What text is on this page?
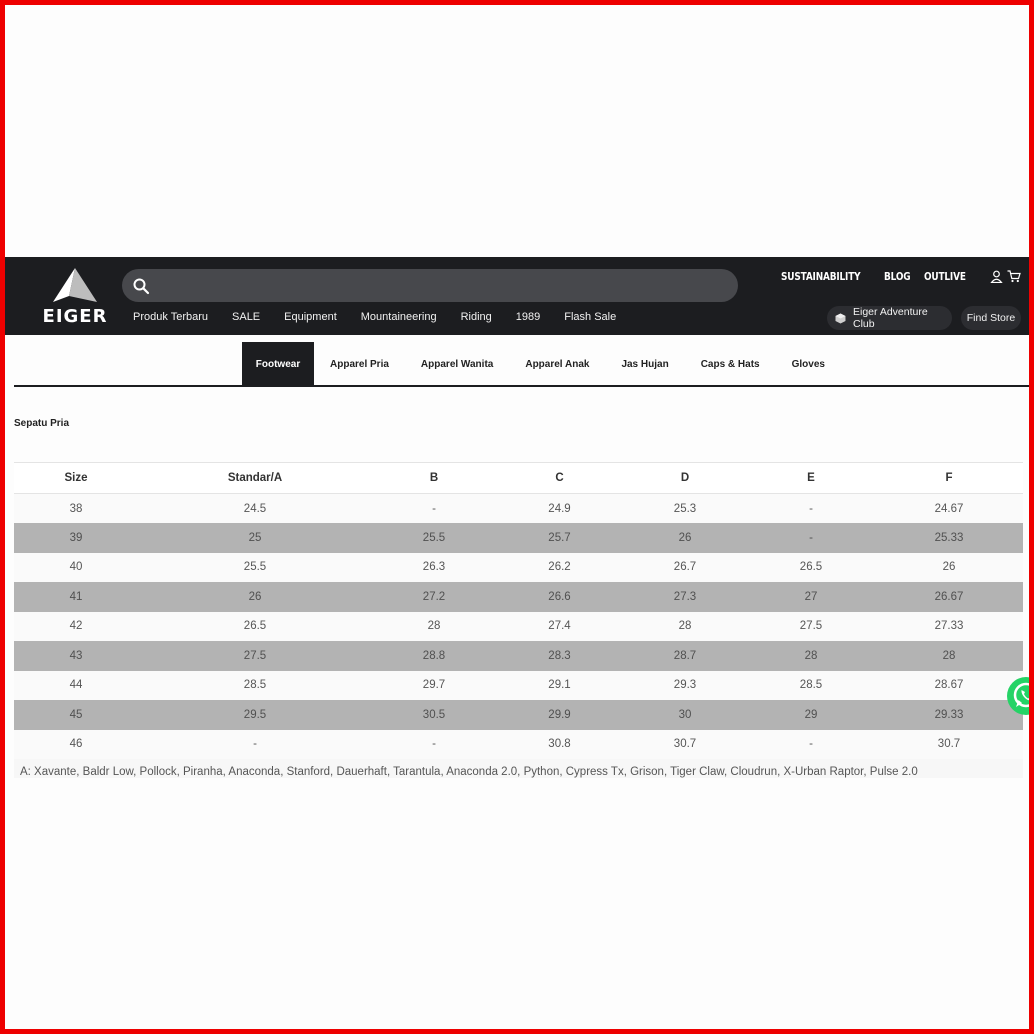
EIGER	Produk Terbaru SALE Equipment Mountaineering Riding 1989 Flash Sale
SUSTAINABILITY BLOG OUTLIVE
Eiger Adventure Club	Find Store
Footwear	Apparel Pria	Apparel Wanita	Apparel Anak	Jas Hujan	Caps & Hats	Gloves
Sepatu Pria
Size	Standar/A	B	C	D	E	F
38	24.5	-	24.9	25.3	-	24.67
39	25	25.5	25.7	26	-	25.33
40	25.5	26.3	26.2	26.7	26.5	26
41	26	27.2	26.6	27.3	27	26.67
42	26.5	28	27.4	28	27.5	27.33
43	27.5	28.8	28.3	28.7	28	28
44	28.5	29.7	29.1	29.3	28.5	28.67
45	29.5	30.5	29.9	30	29	29.33
46	-	-	30.8	30.7	-	30.7
A: Xavante, Baldr Low, Pollock, Piranha, Anaconda, Stanford, Dauerhaft, Tarantula, Anaconda 2.0, Python, Cypress Tx, Grison, Tiger Claw, Cloudrun, X-Urban Raptor, Pulse 2.0
